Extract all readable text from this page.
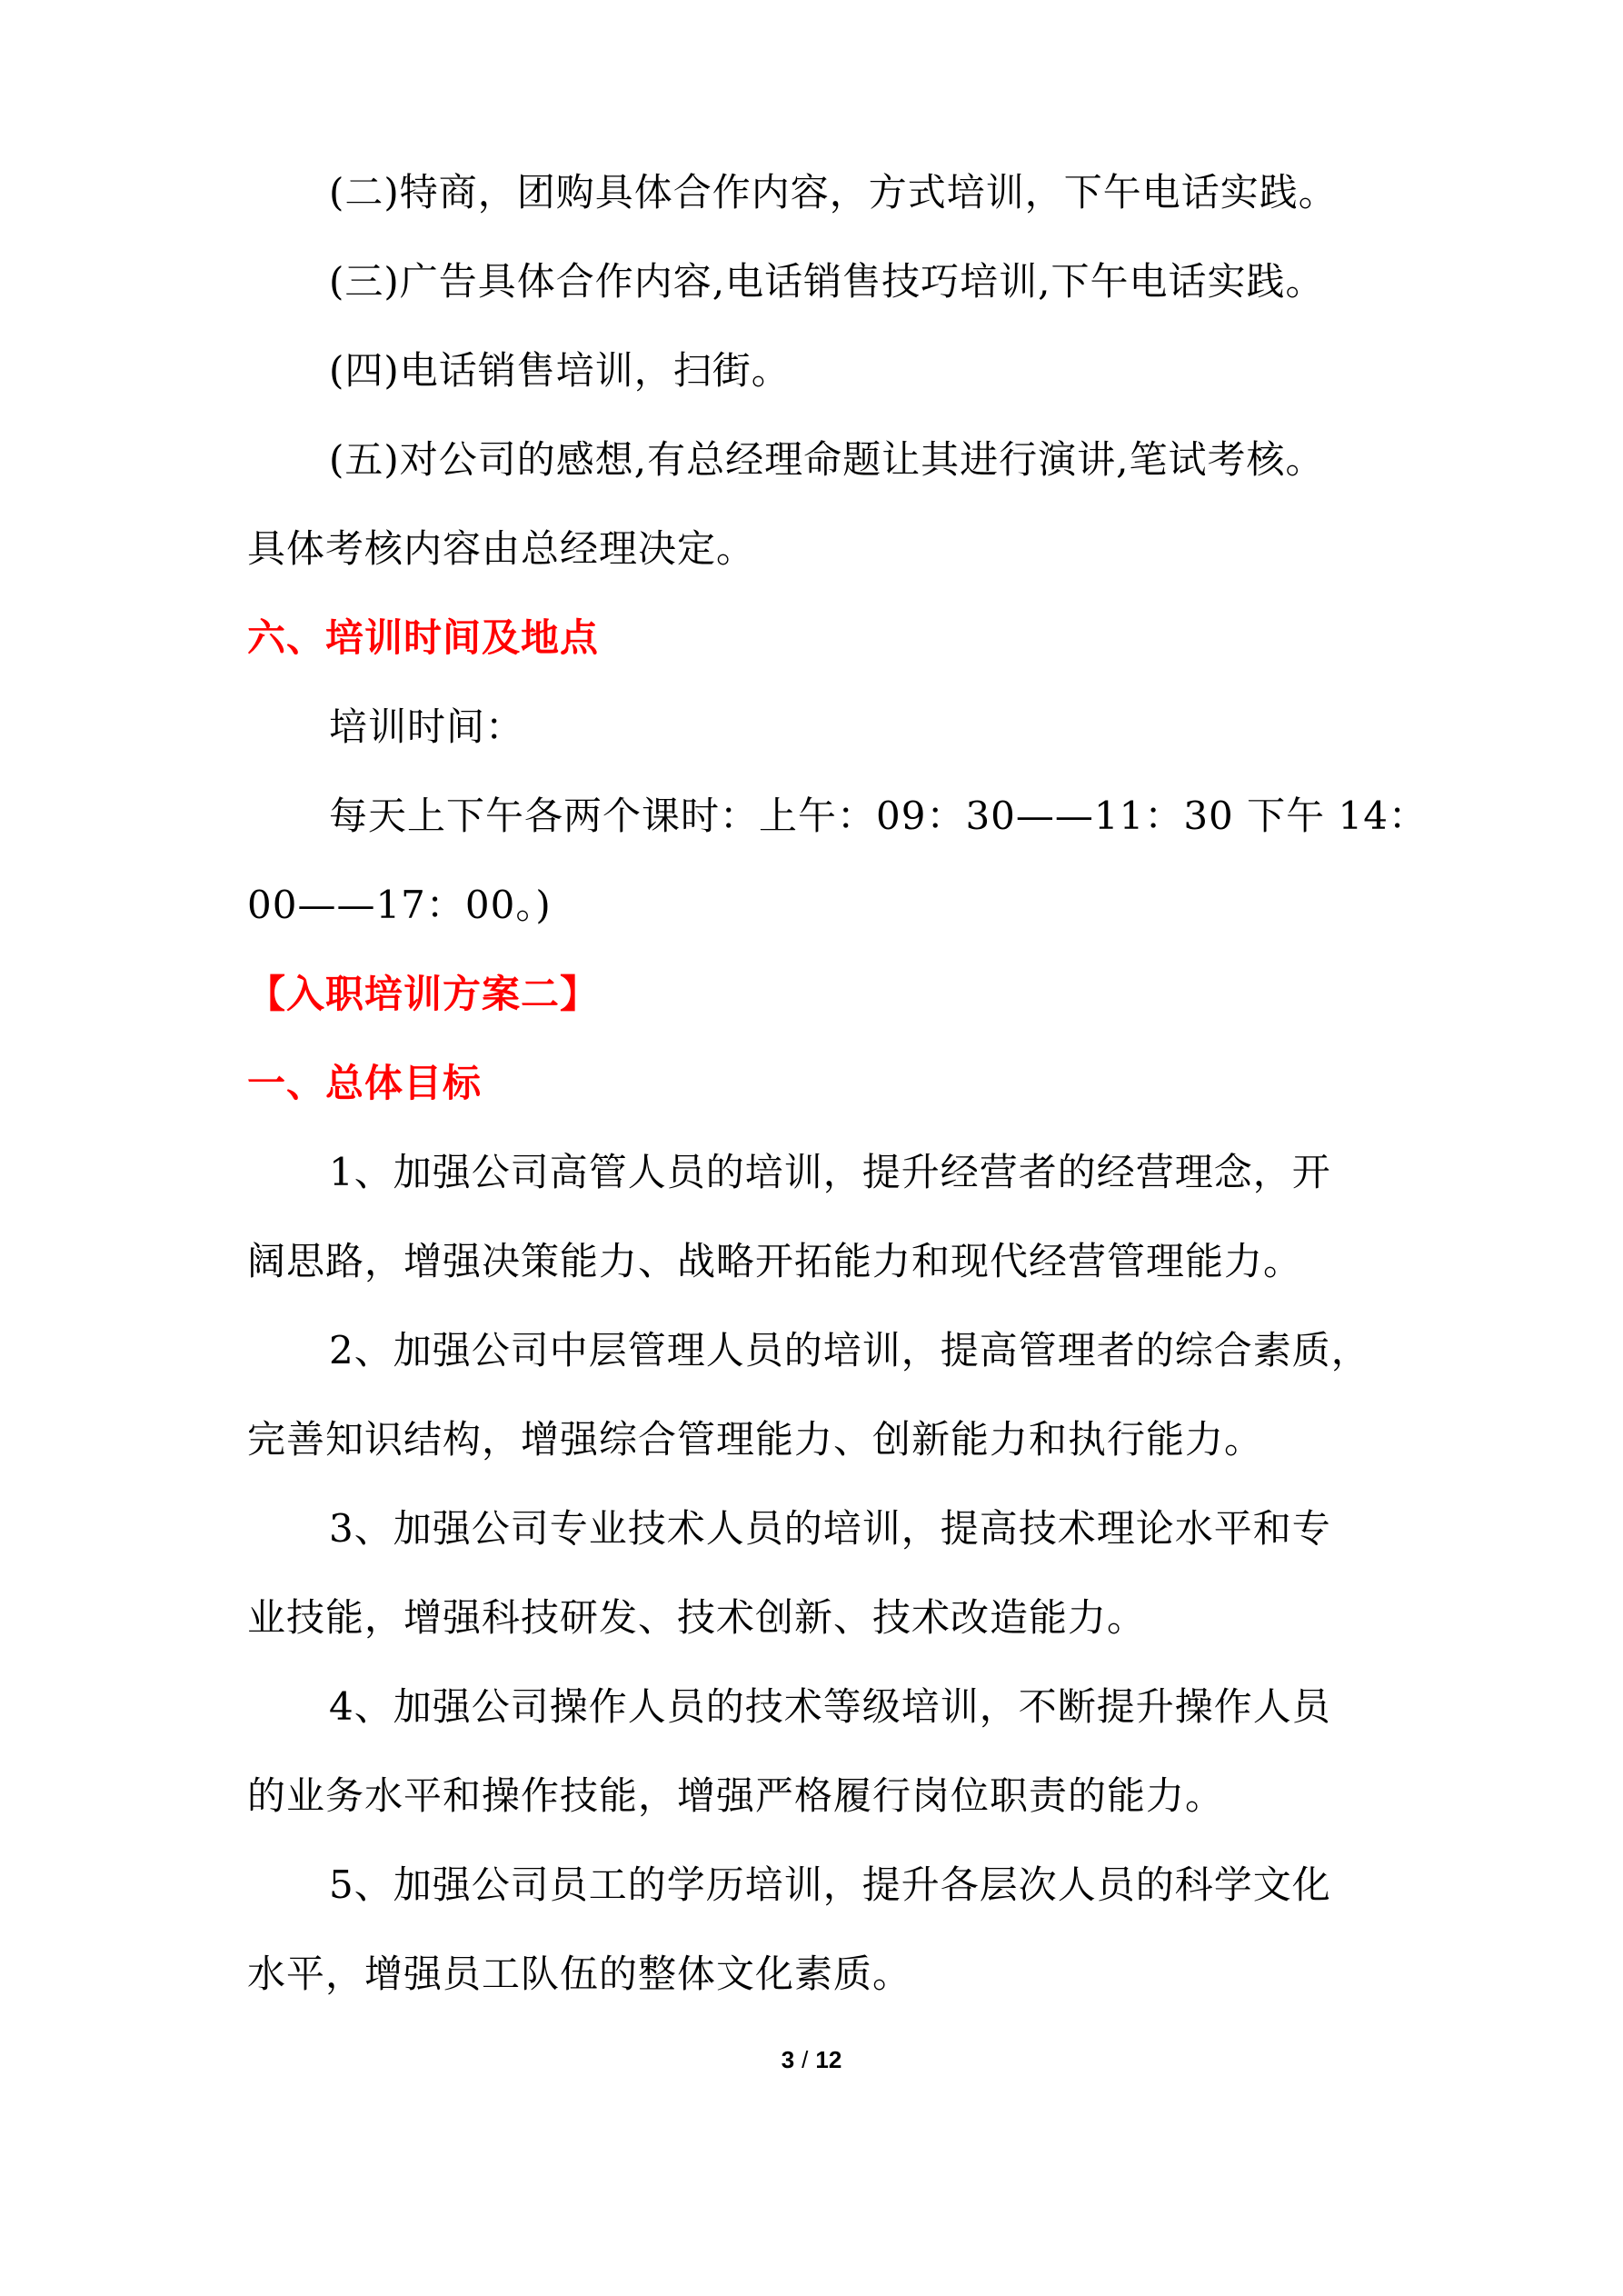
(二)特商，团购具体合作内容，方式培训，下午电话实践。
(三)广告具体合作内容,电话销售技巧培训,下午电话实践。
(四)电话销售培训，扫街。
(五)对公司的感想,有总经理命题让其进行演讲,笔试考核。
具体考核内容由总经理决定。
六、培训时间及地点
培训时间：
每天上下午各两个课时：上午：09：30——11：30 下午 14：
00——17：00。)
【入职培训方案二】
一、总体目标
1、加强公司高管人员的培训，提升经营者的经营理念，开
阔思路，增强决策能力、战略开拓能力和现代经营管理能力。
2、加强公司中层管理人员的培训，提高管理者的综合素质，
完善知识结构，增强综合管理能力、创新能力和执行能力。
3、加强公司专业技术人员的培训，提高技术理论水平和专
业技能，增强科技研发、技术创新、技术改造能力。
4、加强公司操作人员的技术等级培训，不断提升操作人员
的业务水平和操作技能，增强严格履行岗位职责的能力。
5、加强公司员工的学历培训，提升各层次人员的科学文化
水平，增强员工队伍的整体文化素质。
3 / 12
